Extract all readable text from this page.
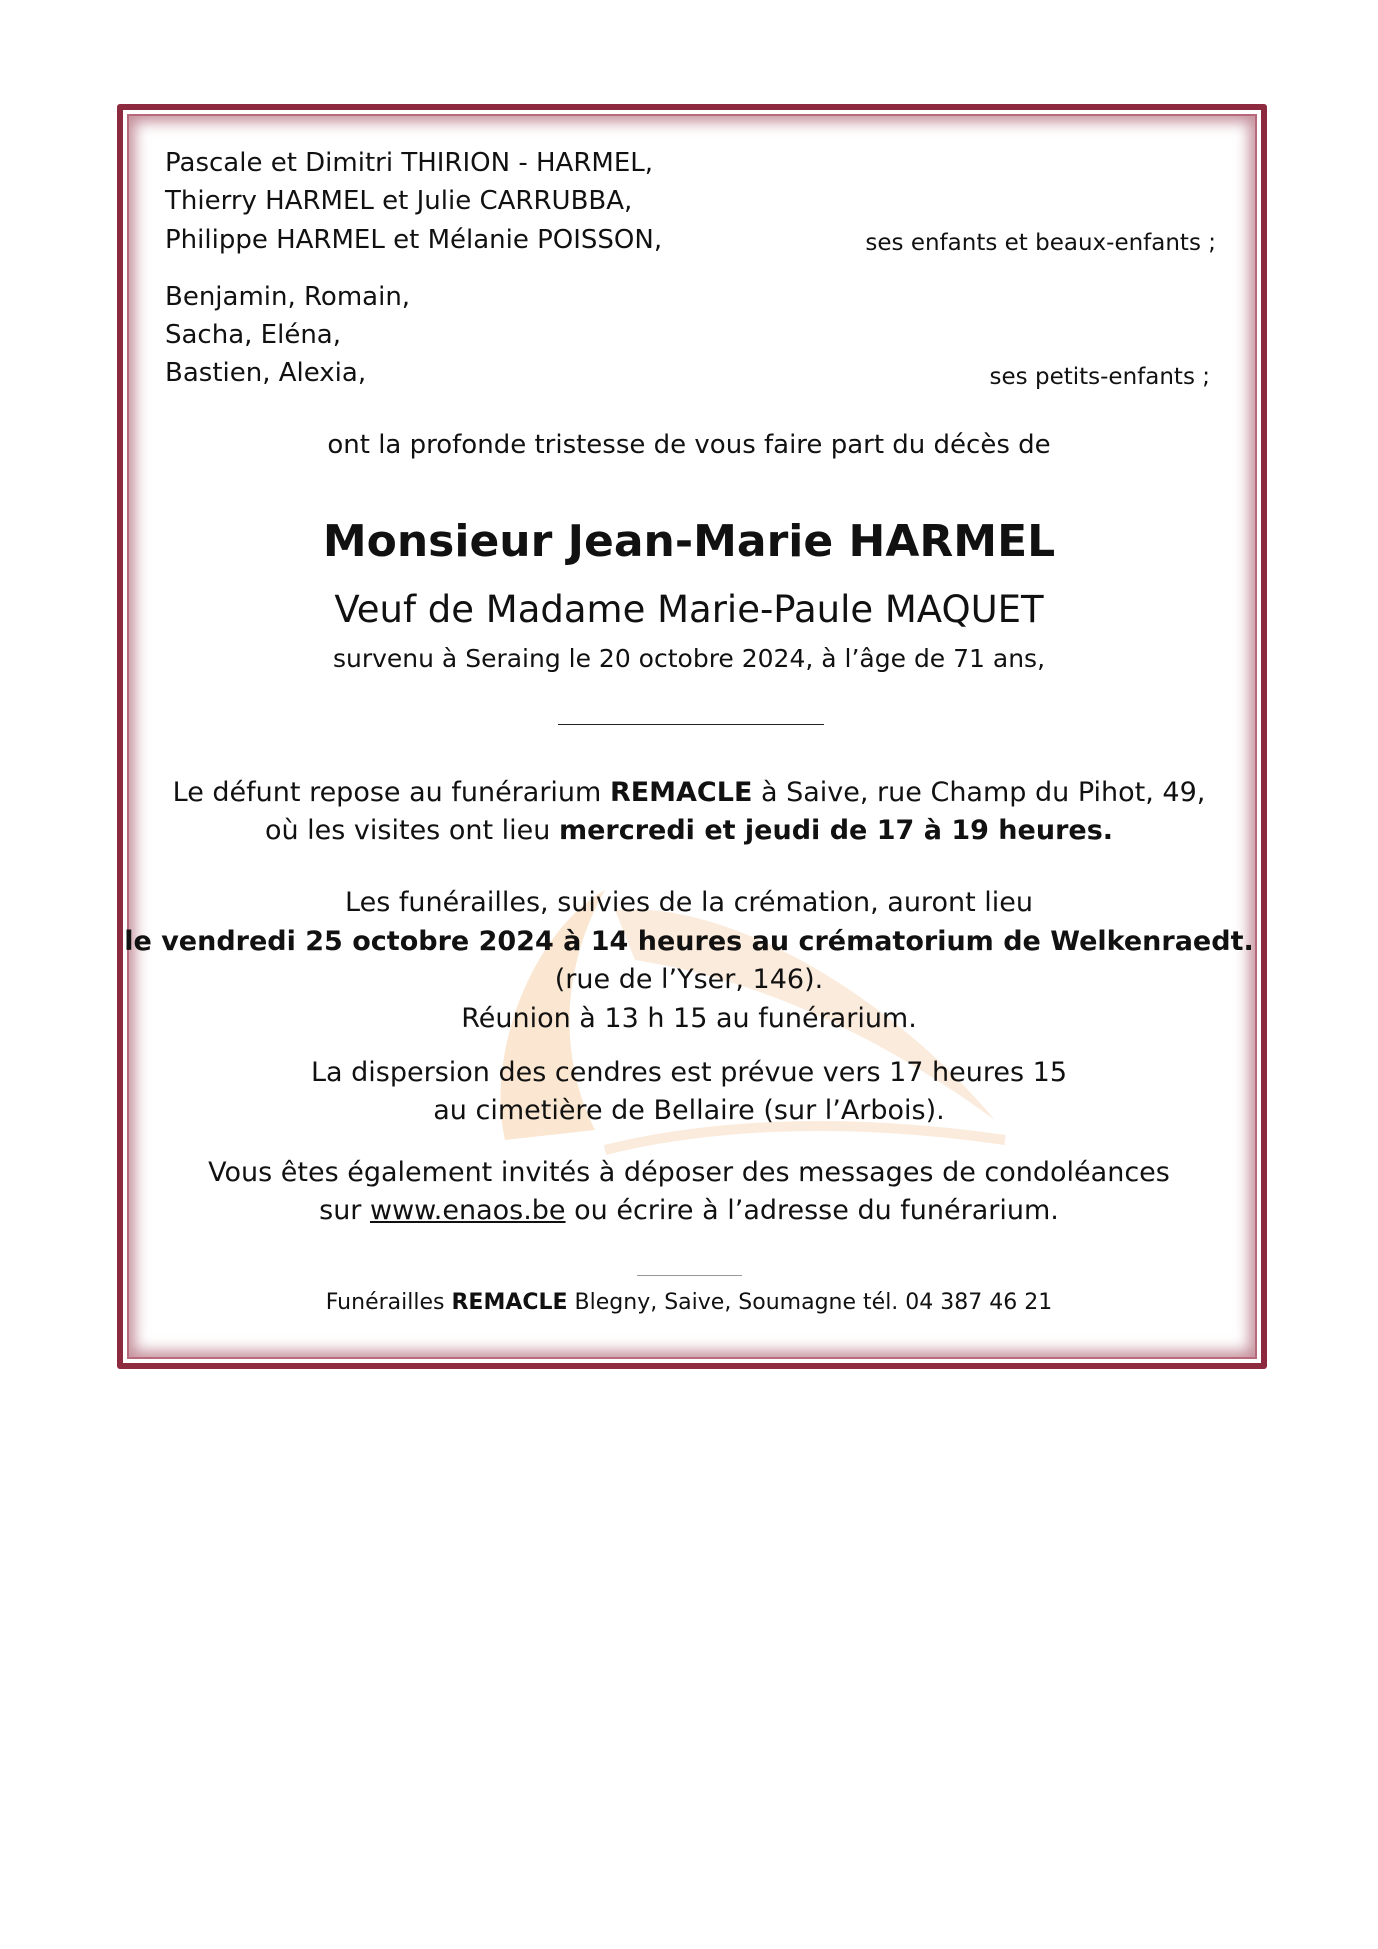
Pascale et Dimitri THIRION - HARMEL,
Thierry HARMEL et Julie CARRUBBA,
Philippe HARMEL et Mélanie POISSON,	ses enfants et beaux-enfants ;
Benjamin, Romain,
Sacha, Eléna,
Bastien, Alexia,	ses petits-enfants ;
ont la profonde tristesse de vous faire part du décès de
Monsieur Jean-Marie HARMEL
Veuf de Madame Marie-Paule MAQUET
survenu à Seraing le 20 octobre 2024, à l’âge de 71 ans,
Le défunt repose au funérarium REMACLE à Saive, rue Champ du Pihot, 49,
où les visites ont lieu mercredi et jeudi de 17 à 19 heures.
Les funérailles, suivies de la crémation, auront lieu
le vendredi 25 octobre 2024 à 14 heures au crématorium de Welkenraedt.
(rue de l’Yser, 146).
Réunion à 13 h 15 au funérarium.
La dispersion des cendres est prévue vers 17 heures 15
au cimetière de Bellaire (sur l’Arbois).
Vous êtes également invités à déposer des messages de condoléances
sur www.enaos.be ou écrire à l’adresse du funérarium.
Funérailles REMACLE Blegny, Saive, Soumagne tél. 04 387 46 21
